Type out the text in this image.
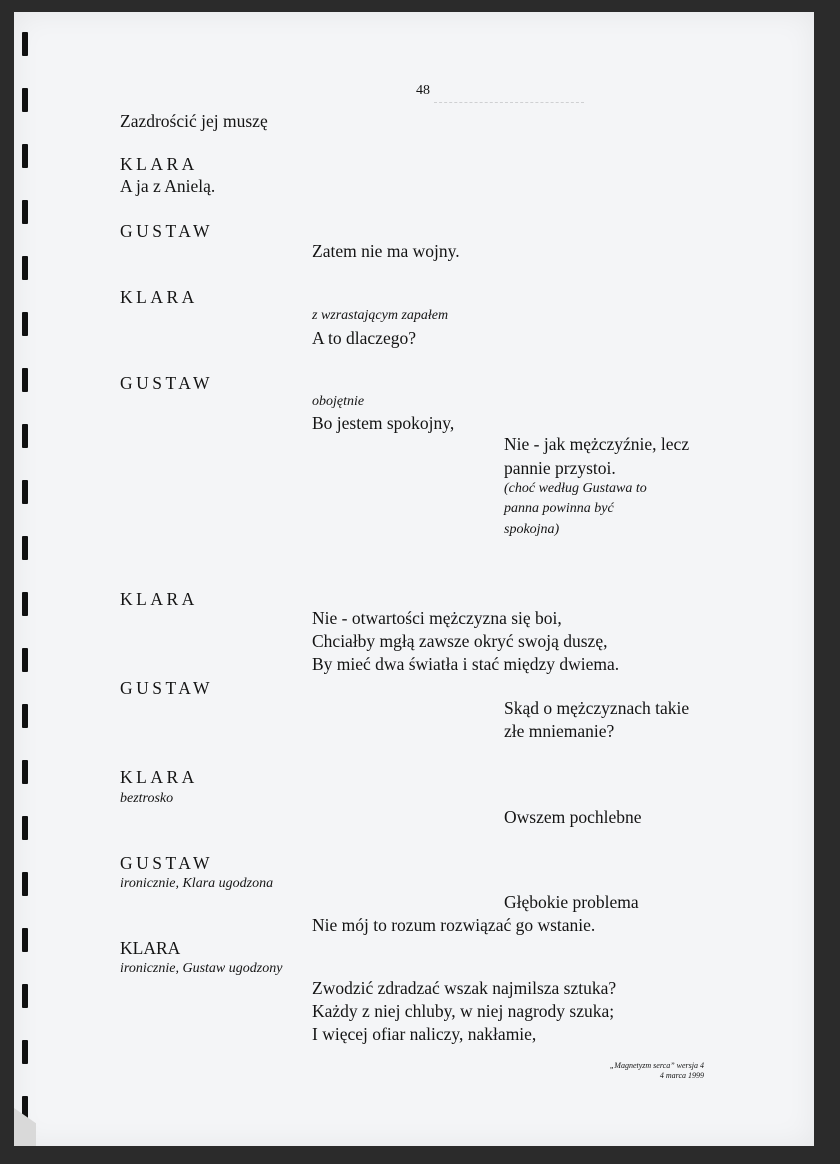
48
Zazdrościć jej muszę
KLARA
A ja z Anielą.
GUSTAW
Zatem nie ma wojny.
KLARA
z wzrastającym zapałem
A to dlaczego?
GUSTAW
obojętnie
Bo jestem spokojny,
Nie - jak mężczyźnie, lecz
pannie przystoi.
(choć według Gustawa to
panna powinna być
spokojna)
KLARA
Nie - otwartości mężczyzna się boi,
Chciałby mgłą zawsze okryć swoją duszę,
By mieć dwa światła i stać między dwiema.
GUSTAW
Skąd o mężczyznach takie
złe mniemanie?
KLARA
beztrosko
Owszem pochlebne
GUSTAW
ironicznie, Klara ugodzona
Głębokie problema
Nie mój to rozum rozwiązać go wstanie.
KLARA
ironicznie, Gustaw ugodzony
Zwodzić zdradzać wszak najmilsza sztuka?
Każdy z niej chluby, w niej nagrody szuka;
I więcej ofiar naliczy, nakłamie,
„Magnetyzm serca” wersja 4
4 marca 1999
